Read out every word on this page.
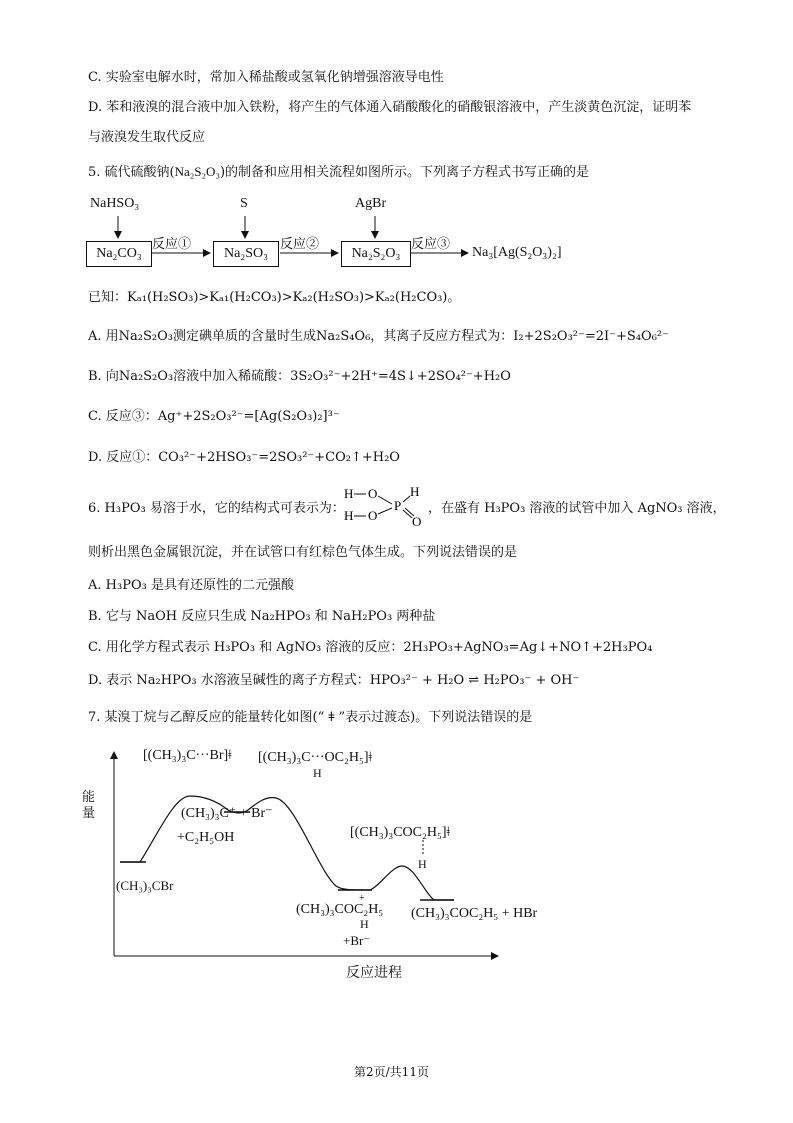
C. 实验室电解水时，常加入稀盐酸或氢氧化钠增强溶液导电性
D. 苯和液溴的混合液中加入铁粉，将产生的气体通入硝酸酸化的硝酸银溶液中，产生淡黄色沉淀，证明苯
与液溴发生取代反应
5. 硫代硫酸钠(Na₂S₂O₃)的制备和应用相关流程如图所示。下列离子方程式书写正确的是
NaHSO₃	S	AgBr
Na₂CO₃	Na₂SO₃	Na₂S₂O₃
反应①	反应②	反应③
Na₃[Ag(S₂O₃)₂]
已知：Kₐ₁(H₂SO₃)>Kₐ₁(H₂CO₃)>Kₐ₂(H₂SO₃)>Kₐ₂(H₂CO₃)。
A. 用Na₂S₂O₃测定碘单质的含量时生成Na₂S₄O₆，其离子反应方程式为：I₂+2S₂O₃²⁻=2I⁻+S₄O₆²⁻
B. 向Na₂S₂O₃溶液中加入稀硫酸：3S₂O₃²⁻+2H⁺=4S↓+2SO₄²⁻+H₂O
C. 反应③：Ag⁺+2S₂O₃²⁻=[Ag(S₂O₃)₂]³⁻
D. 反应①：CO₃²⁻+2HSO₃⁻=2SO₃²⁻+CO₂↑+H₂O
6. H₃PO₃ 易溶于水，它的结构式可表示为：
H O
H O
P
H
O
，在盛有 H₃PO₃ 溶液的试管中加入 AgNO₃ 溶液，
则析出黑色金属银沉淀，并在试管口有红棕色气体生成。下列说法错误的是
A. H₃PO₃ 是具有还原性的二元强酸
B. 它与 NaOH 反应只生成 Na₂HPO₃ 和 NaH₂PO₃ 两种盐
C. 用化学方程式表示 H₃PO₃ 和 AgNO₃ 溶液的反应：2H₃PO₃+AgNO₃=Ag↓+NO↑+2H₃PO₄
D. 表示 Na₂HPO₃ 水溶液呈碱性的离子方程式：HPO₃²⁻ + H₂O ⇌ H₂PO₃⁻ + OH⁻
7. 某溴丁烷与乙醇反应的能量转化如图(“ ǂ ”表示过渡态)。下列说法错误的是
能量
[(CH₃)₃C···Br]ǂ [(CH₃)₃C···OC₂H₅]ǂ
H
(CH₃)₃C⁺ + Br⁻
+C₂H₅OH	[(CH₃)₃COC₂H₅]ǂ
H
(CH₃)₃CBr
(CH₃)₃COC₂H₅
+
H
+Br⁻
(CH₃)₃COC₂H₅ + HBr
反应进程
第2页/共11页
